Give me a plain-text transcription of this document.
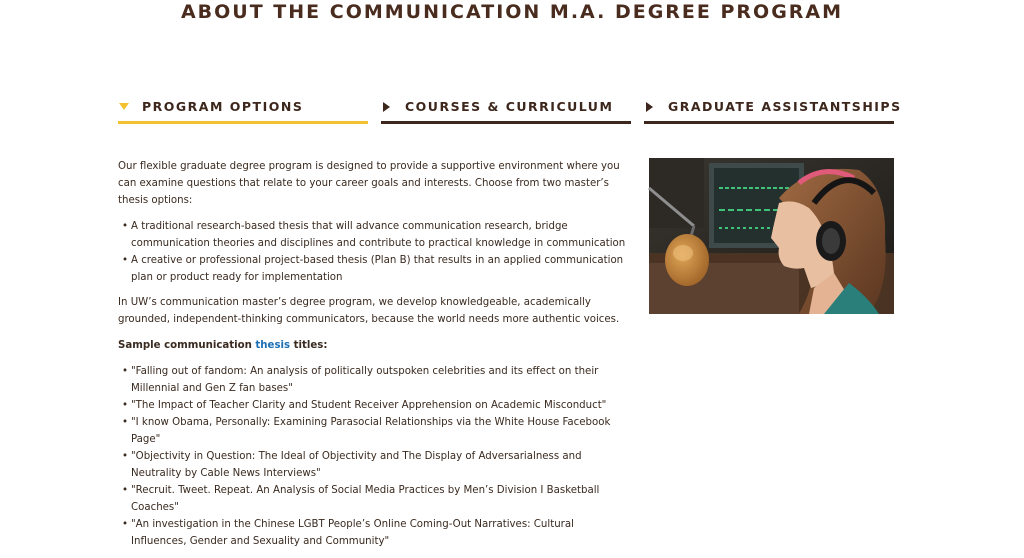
ABOUT THE COMMUNICATION M.A. DEGREE PROGRAM
PROGRAM OPTIONS	COURSES & CURRICULUM	GRADUATE ASSISTANTSHIPS

Our flexible graduate degree program is designed to provide a supportive environment where you can examine questions that relate to your career goals and interests. Choose from two master’s thesis options:

• A traditional research-based thesis that will advance communication research, bridge communication theories and disciplines and contribute to practical knowledge in communication
• A creative or professional project-based thesis (Plan B) that results in an applied communication plan or product ready for implementation

In UW’s communication master’s degree program, we develop knowledgeable, academically grounded, independent-thinking communicators, because the world needs more authentic voices.

Sample communication thesis titles:

• "Falling out of fandom: An analysis of politically outspoken celebrities and its effect on their Millennial and Gen Z fan bases"
• "The Impact of Teacher Clarity and Student Receiver Apprehension on Academic Misconduct"
• "I know Obama, Personally: Examining Parasocial Relationships via the White House Facebook Page"
• "Objectivity in Question: The Ideal of Objectivity and The Display of Adversarialness and Neutrality by Cable News Interviews"
• "Recruit. Tweet. Repeat. An Analysis of Social Media Practices by Men’s Division I Basketball Coaches"
• "An investigation in the Chinese LGBT People’s Online Coming-Out Narratives: Cultural Influences, Gender and Sexuality and Community"
